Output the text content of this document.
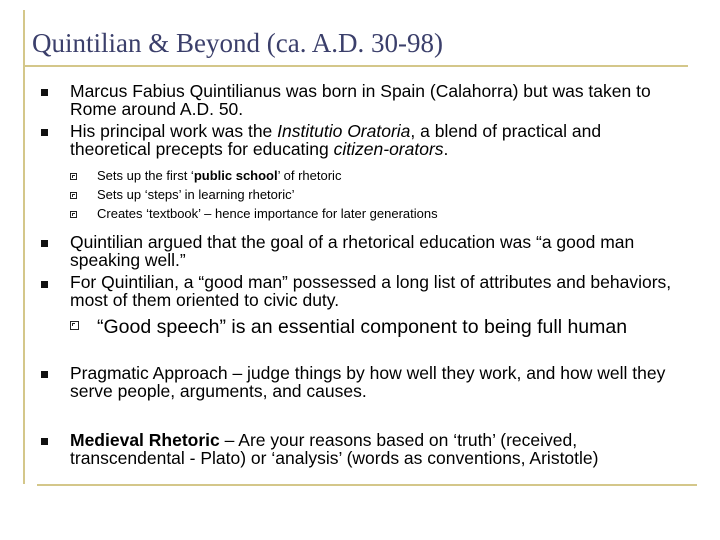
Quintilian & Beyond (ca. A.D. 30-98)
Marcus Fabius Quintilianus was born in Spain (Calahorra) but was taken to Rome around A.D. 50.
His principal work was the Institutio Oratoria, a blend of practical and theoretical precepts for educating citizen-orators.
Sets up the first ‘public school’ of rhetoric
Sets up ‘steps’ in learning rhetoric’
Creates ‘textbook’ – hence importance for later generations
Quintilian argued that the goal of a rhetorical education was “a good man speaking well.”
For Quintilian, a “good man” possessed a long list of attributes and behaviors, most of them oriented to civic duty.
“Good speech” is an essential component to being full human
Pragmatic Approach – judge things by how well they work, and how well they serve people, arguments, and causes.
Medieval Rhetoric – Are your reasons based on ‘truth’ (received, transcendental - Plato) or ‘analysis’ (words as conventions, Aristotle)
